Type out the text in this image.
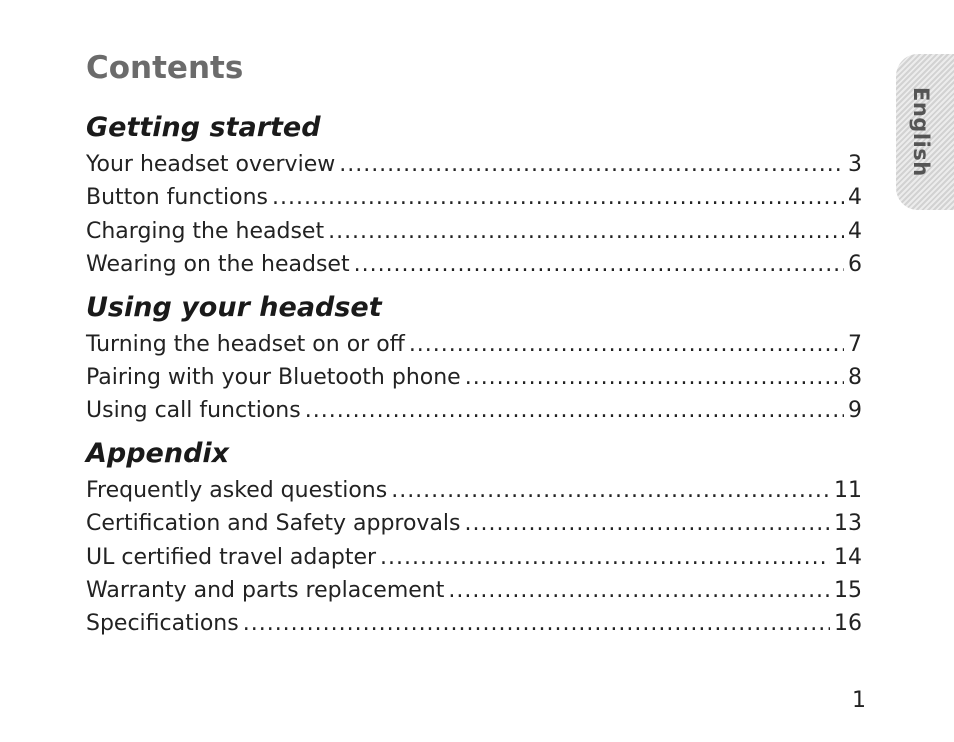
Contents
English
Getting started
Your headset overview .....	3
Button functions .....	4
Charging the headset .....	4
Wearing on the headset .....	6
Using your headset
Turning the headset on or off .....	7
Pairing with your Bluetooth phone .....	8
Using call functions .....	9
Appendix
Frequently asked questions .....	11
Certification and Safety approvals .....	13
UL certified travel adapter .....	14
Warranty and parts replacement .....	15
Specifications .....	16
1
